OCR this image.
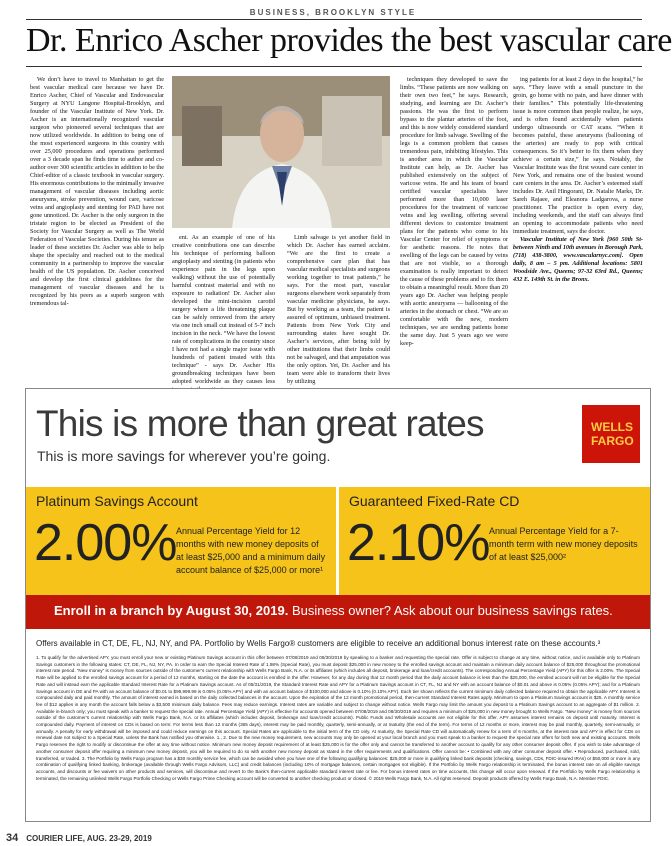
BUSINESS, BROOKLYN STYLE
Dr. Enrico Ascher provides the best vascular care

We don’t have to travel to Manhattan to get the best vascular medical care because we have Dr. Enrico Ascher, Chief of Vascular and Endovascular Surgery at NYU Langone Hospital-Brooklyn, and founder of the Vascular Institute of New York. Dr. Ascher is an internationally recognized vascular surgeon who pioneered several techniques that are now utilized worldwide. In addition to being one of the most experienced surgeons in this country with over 25,000 procedures and operations performed over a 3 decade span he finds time to author and co-author over 300 scientific articles in addition to be the Chief-editor of a classic textbook in vascular surgery. His enormous contributions to the minimally invasive management of vascular diseases including aortic aneurysms, stroke prevention, wound care, varicose veins and angioplasty and stenting for PAD have not gone unnoticed. Dr. Ascher is the only surgeon in the tristate region to be elected as President of the Society for Vascular Surgery as well as The World Federation of Vascular Societies. During his tenure as leader of these societies Dr. Ascher was able to help shape the specialty and reached out to the medical community in a partnership to improve the vascular health of the US population. Dr. Ascher conceived and develop the first clinical guidelines for the management of vascular diseases and he is recognized by his peers as a superb surgeon with tremendous tal-

ent. As an example of one of his creative contributions one can describe his technique of performing balloon angioplasty and stenting (in patients who experience pain in the legs upon walking) without the use of potentially harmful contrast material and with no exposure to radiation! Dr. Ascher also developed the mini-incision carotid surgery where a life threatening plaque can be safely removed from the artery via one inch small cut instead of 5-7 inch incision in the neck. “We have the lowest rate of complications in the country since I have not had a single major issue with hundreds of patient treated with this technique” - says Dr. Ascher His groundbreaking techniques have been adopted worldwide as they causes less

Limb salvage is yet another field in which Dr. Ascher has earned acclaim. “We are the first to create a comprehensive care plan that has vascular medical specialists and surgeons working together to treat patients,” he says. For the most part, vascular surgeons elsewhere work separately from vascular medicine physicians, he says. But by working as a team, the patient is assured of optimum, unbiased treatment. Patients from New York City and surrounding states have sought Dr. Ascher’s services, after being told by other institutions that their limbs could not be salvaged, and that amputation was the only option. Yet, Dr. Ascher and his team were able to transform their lives by utilizing

techniques they developed to save the limbs. “These patients are now walking on their own two feet,” he says. Research, studying, and learning are Dr. Ascher’s passions. He was the first to perform bypass to the plantar arteries of the foot, and this is now widely considered standard procedure for limb salvage. Swelling of the legs is a common problem that causes tremendous pain, inhibiting lifestyles. This is another area in which the Vascular Institute can help, as Dr. Ascher has published extensively on the subject of varicose veins. He and his team of board certified vascular specialists have performed more than 10,000 laser procedures for the treatment of varicose veins and leg swelling, offering several different devices to customize treatment plans for the patients who come to his Vascular Center for relief of symptoms or for aesthetic reasons. He notes that swelling of the legs can be caused by veins that are not visible, so a thorough examination is really important to detect the cause of these problems and to fix them to obtain a meaningful result. More than 20 years ago Dr. Ascher was helping people with aortic aneurysms — ballooning of the arteries in the stomach or chest. “We are so comfortable with the new, modern techniques, we are sending patients home the same day. Just 5 years ago we were keep-

ing patients for at least 2 days in the hospital,” he says. “They leave with a small puncture in the groin, go home with no pain, and have dinner with their families.” This potentially life-threatening issue is more common than people realize, he says, and is often found accidentally when patients undergo ultrasounds or CAT scans. “When it becomes painful, these aneurysms (ballooning of the arteries) are ready to pop with critical consequences. So it’s better to fix them when they achieve a certain size,” he says. Notably, the Vascular Institute was the first wound care center in New York, and remains one of the busiest wound care centers in the area. Dr. Ascher’s esteemed staff includes Dr. Anil Hingorani, Dr. Natalie Marks, Dr. Sareh Rajaee, and Eleanora Ladgarova, a nurse practitioner. The practice is open every day, including weekends, and the staff can always find an opening to accommodate patients who need immediate treatment, says the doctor.

Vascular Institute of New York [960 50th St-between Ninth and 10th avenues in Borough Park, (718) 438-3800, www.vascularnyc.com]. Open daily, 8 am – 5 pm. Additional locations: 5801 Woodside Ave., Queens; 97-32 63rd Rd., Queens; 432 E. 149th St. in the Bronx.

This is more than great rates
This is more savings for wherever you’re going.
WELLS
FARGO
Platinum Savings Account
2.00% Annual Percentage Yield for 12 months with new money deposits of at least $25,000 and a minimum daily account balance of $25,000 or more¹
Guaranteed Fixed-Rate CD
2.10% Annual Percentage Yield for a 7-month term with new money deposits of at least $25,000²
Enroll in a branch by August 30, 2019. Business owner? Ask about our business savings rates.
Offers available in CT, DE, FL, NJ, NY, and PA. Portfolio by Wells Fargo® customers are eligible to receive an additional bonus interest rate on these accounts.³
1. To qualify for the advertised APY, you must enroll your new or existing Platinum Savings account in this offer between 07/08/2019 and 08/30/2019 by speaking to a banker and requesting the special rate. Offer is subject to change at any time, without notice, and is available only to Platinum Savings customers in the following states: CT, DE, FL, NJ, NY, PA. In order to earn the Special Interest Rate of 1.98% (Special Rate), you must deposit $25,000 in new money to the enrolled savings account and maintain a minimum daily account balance of $25,000 throughout the promotional interest rate period. “New money” is money from sources outside of the customer’s current relationship with Wells Fargo Bank, N.A. or its affiliates (which includes all deposit, brokerage and loan/credit accounts). The corresponding Annual Percentage Yield (APY) for this offer is 2.00%. The Special Rate will be applied to the enrolled savings account for a period of 12 months, starting on the date the account is enrolled in the offer. However, for any day during that 12 month period that the daily account balance is less than the $25,000, the enrolled account will not be eligible for the Special Rate and will instead earn the applicable Standard Interest Rate for a Platinum Savings account. As of 05/31/2019, the Standard Interest Rate and APY for a Platinum Savings account in CT, FL, NJ and NY with an account balance of $0.01 and above is 0.05% (0.05% APY); and for a Platinum Savings account in DE and PA with an account balance of $0.01 to $99,999.99 is 0.05% (0.05% APY) and with an account balance of $100,000 and above is 0.10% (0.10% APY). Each tier shown reflects the current minimum daily collected balance required to obtain the applicable APY. Interest is compounded daily and paid monthly. The amount of interest earned is based on the daily collected balances in the account. Upon the expiration of the 12 month promotional period, then-current Standard Interest Rates apply. Minimum to open a Platinum Savings account is $25. A monthly service fee of $12 applies in any month the account falls below a $3,500 minimum daily balance. Fees may reduce earnings. Interest rates are variable and subject to change without notice. Wells Fargo may limit the amount you deposit to a Platinum Savings account to an aggregate of $1 million. 2. Available in-branch only; you must speak with a banker to request the special rate. Annual Percentage Yield (APY) is effective for accounts opened between 07/08/2019 and 08/30/2019 and requires a minimum of $25,000 in new money brought to Wells Fargo. “New money” is money from sources outside of the customer’s current relationship with Wells Fargo Bank, N.A. or its affiliates (which includes deposit, brokerage and loan/credit accounts). Public Funds and Wholesale accounts are not eligible for this offer. APY assumes interest remains on deposit until maturity. Interest is compounded daily. Payment of interest on CDs is based on term: For terms less than 12 months (365 days), interest may be paid monthly, quarterly, semi-annually, or at maturity (the end of the term). For terms of 12 months or more, interest may be paid monthly, quarterly, semi-annually, or annually. A penalty for early withdrawal will be imposed and could reduce earnings on this account. Special Rates are applicable to the initial term of the CD only. At maturity, the Special Rate CD will automatically renew for a term of 6 months, at the interest rate and APY in effect for CDs on renewal date not subject to a Special Rate, unless the Bank has notified you otherwise. 1., 2. Due to the new money requirement, new accounts may only be opened at your local branch and you must speak to a banker to request the special rate offers for both new and existing accounts. Wells Fargo reserves the right to modify or discontinue the offer at any time without notice. Minimum new money deposit requirement of at least $25,000 is for the offer only and cannot be transferred to another account to qualify for any other consumer deposit offer. If you wish to take advantage of another consumer deposit offer requiring a minimum new money deposit, you will be required to do so with another new money deposit as stated in the offer requirements and qualifications. Offer cannot be: • Combined with any other consumer deposit offer. • Reproduced, purchased, sold, transferred, or traded. 3. The Portfolio by Wells Fargo program has a $30 monthly service fee, which can be avoided when you have one of the following qualifying balances: $25,000 or more in qualifying linked bank deposits (checking, savings, CDs, FDIC-insured IRAs) or $50,000 or more in any combination of qualifying linked banking, brokerage (available through Wells Fargo Advisors, LLC) and credit balances (including 10% of mortgage balances, certain mortgages not eligible). If the Portfolio by Wells Fargo relationship is terminated, the bonus interest rate on all eligible savings accounts, and discounts or fee waivers on other products and services, will discontinue and revert to the Bank’s then-current applicable standard interest rate or fee. For bonus interest rates on time accounts, this change will occur upon renewal. If the Portfolio by Wells Fargo relationship is terminated, the remaining unlinked Wells Fargo Portfolio Checking or Wells Fargo Prime Checking account will be converted to another checking product or closed. © 2019 Wells Fargo Bank, N.A. All rights reserved. Deposit products offered by Wells Fargo Bank, N.A. Member FDIC.
34 COURIER LIFE, AUG. 23-29, 2019
